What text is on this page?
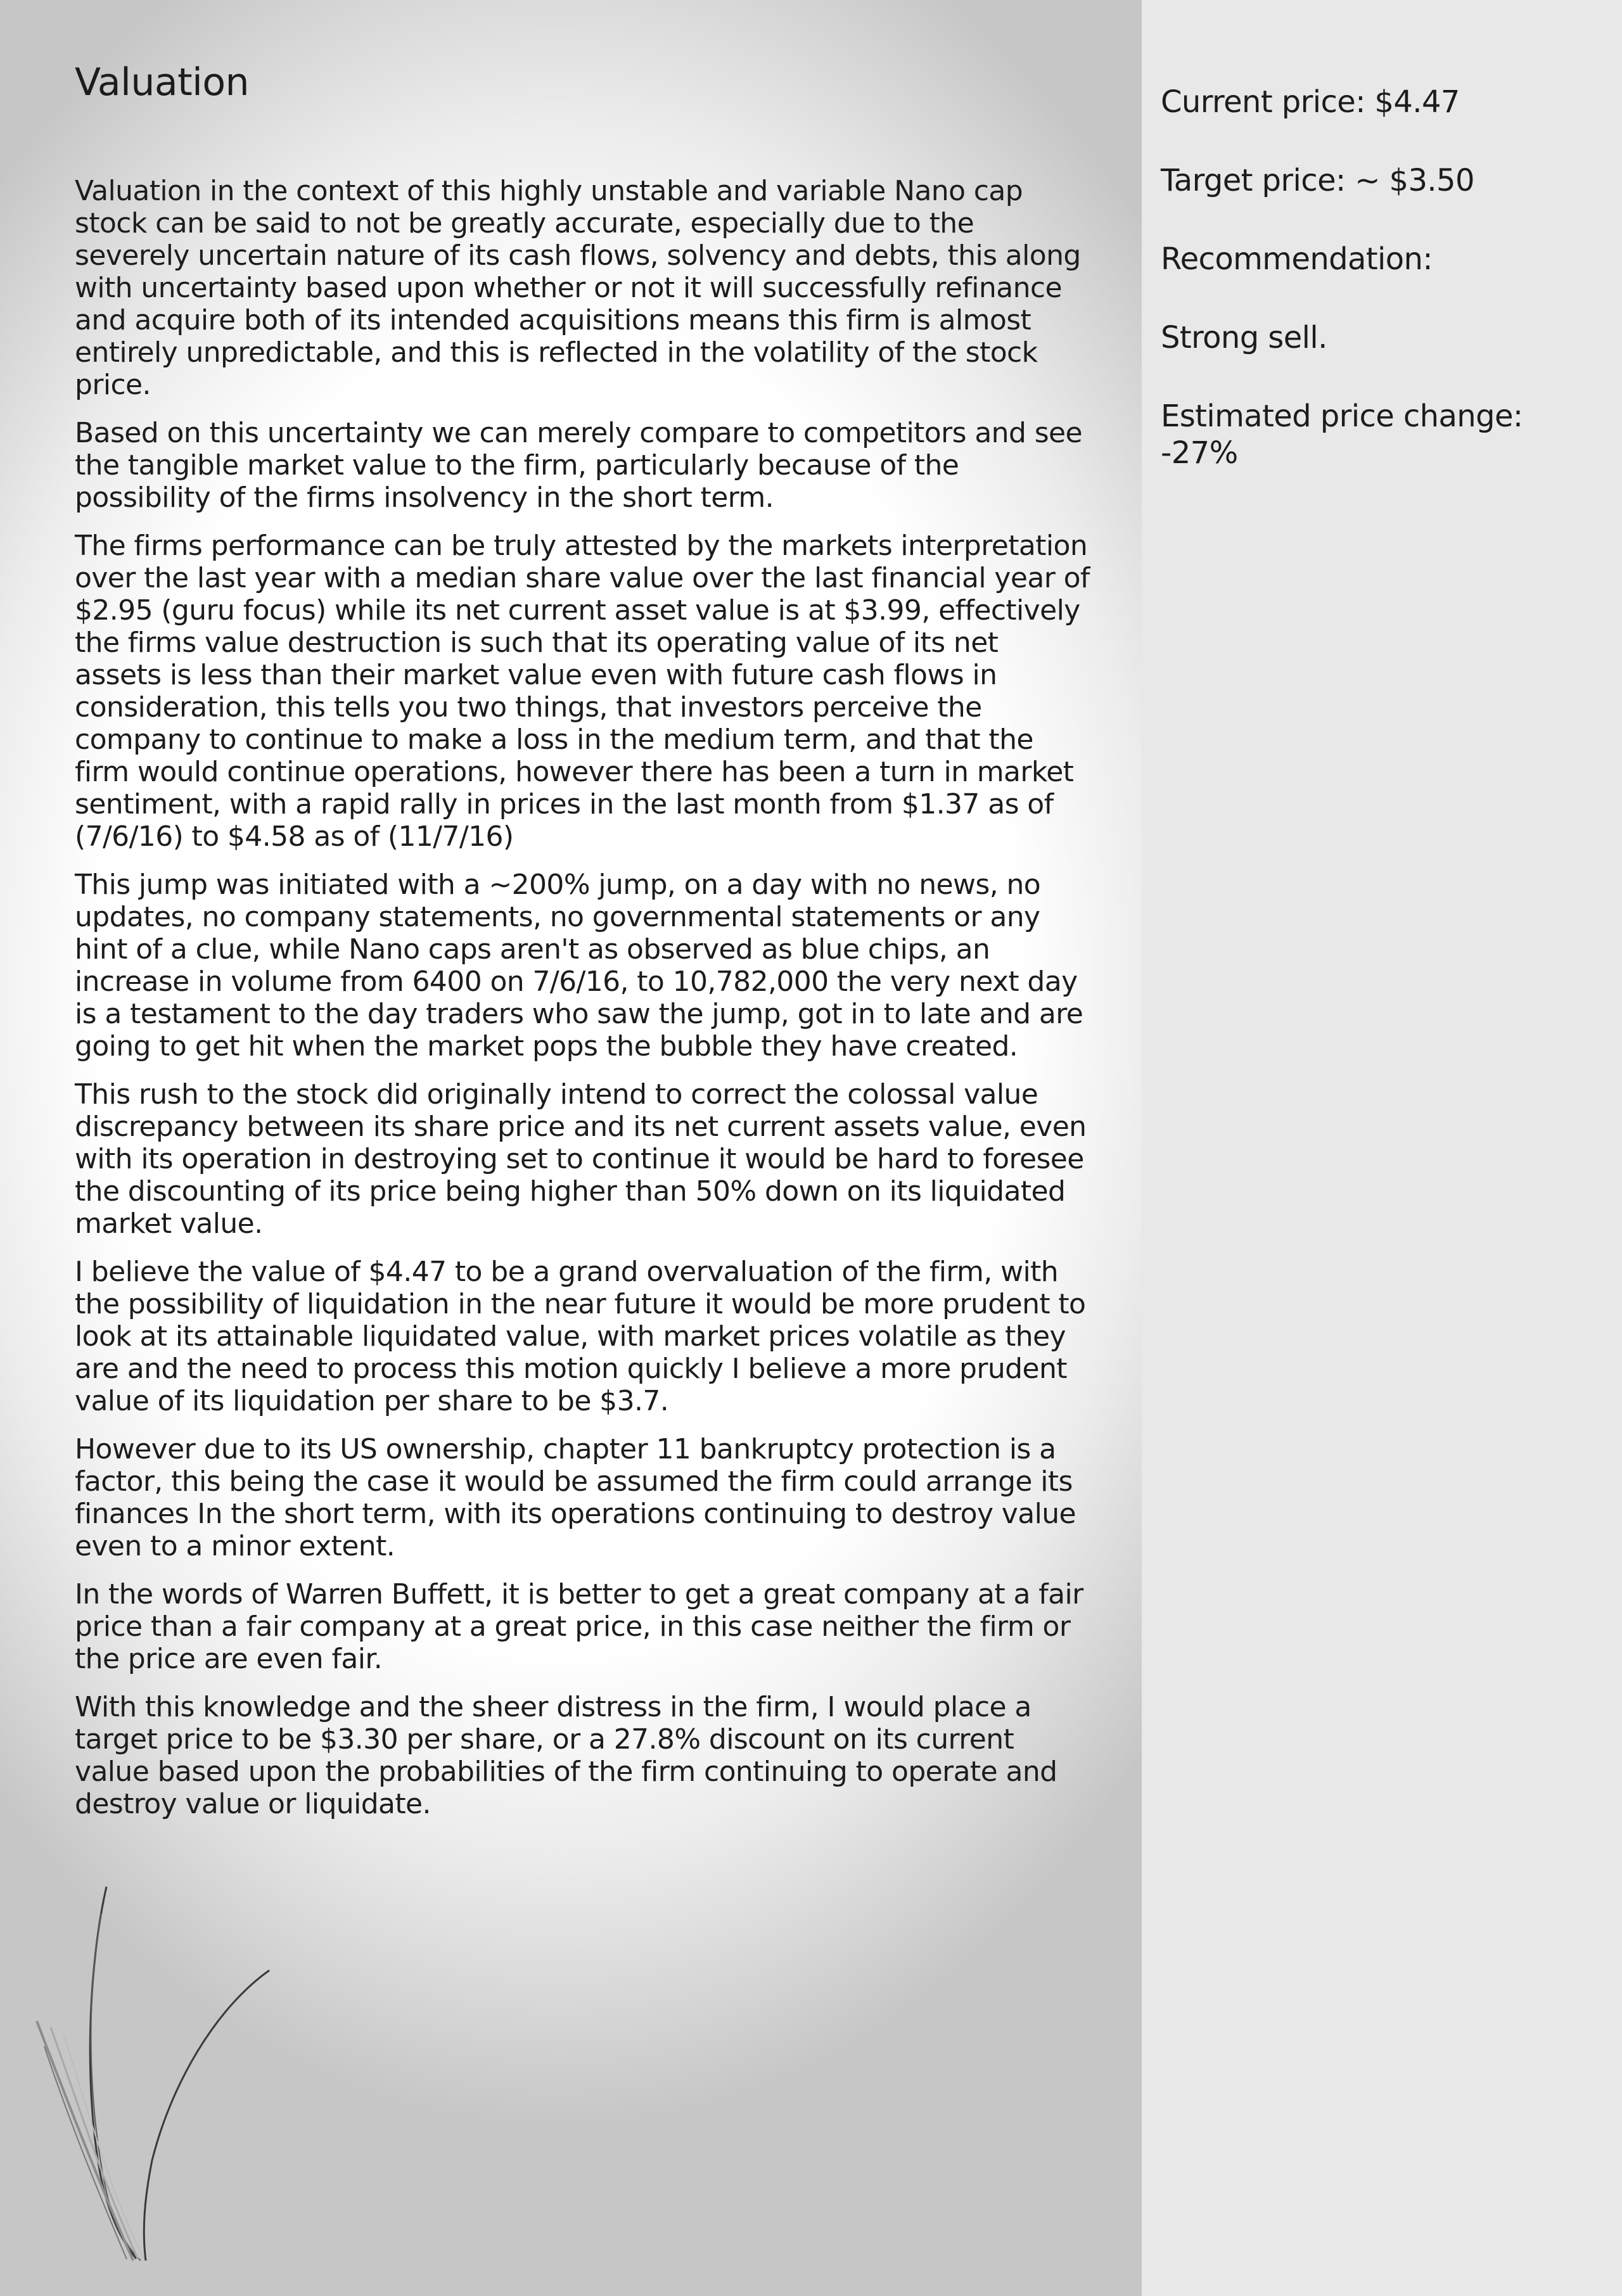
Valuation

Valuation in the context of this highly unstable and variable Nano cap stock can be said to not be greatly accurate, especially due to the severely uncertain nature of its cash flows, solvency and debts, this along with uncertainty based upon whether or not it will successfully refinance and acquire both of its intended acquisitions means this firm is almost entirely unpredictable, and this is reflected in the volatility of the stock price.

Based on this uncertainty we can merely compare to competitors and see the tangible market value to the firm, particularly because of the possibility of the firms insolvency in the short term.

The firms performance can be truly attested by the markets interpretation over the last year with a median share value over the last financial year of $2.95 (guru focus) while its net current asset value is at $3.99, effectively the firms value destruction is such that its operating value of its net assets is less than their market value even with future cash flows in consideration, this tells you two things, that investors perceive the company to continue to make a loss in the medium term, and that the firm would continue operations, however there has been a turn in market sentiment, with a rapid rally in prices in the last month from $1.37 as of (7/6/16) to $4.58 as of (11/7/16)

This jump was initiated with a ~200% jump, on a day with no news, no updates, no company statements, no governmental statements or any hint of a clue, while Nano caps aren't as observed as blue chips, an increase in volume from 6400 on 7/6/16, to 10,782,000 the very next day is a testament to the day traders who saw the jump, got in to late and are going to get hit when the market pops the bubble they have created.

This rush to the stock did originally intend to correct the colossal value discrepancy between its share price and its net current assets value, even with its operation in destroying set to continue it would be hard to foresee the discounting of its price being higher than 50% down on its liquidated market value.

I believe the value of $4.47 to be a grand overvaluation of the firm, with the possibility of liquidation in the near future it would be more prudent to look at its attainable liquidated value, with market prices volatile as they are and the need to process this motion quickly I believe a more prudent value of its liquidation per share to be $3.7.

However due to its US ownership, chapter 11 bankruptcy protection is a factor, this being the case it would be assumed the firm could arrange its finances In the short term, with its operations continuing to destroy value even to a minor extent.

In the words of Warren Buffett, it is better to get a great company at a fair price than a fair company at a great price, in this case neither the firm or the price are even fair.

With this knowledge and the sheer distress in the firm, I would place a target price to be $3.30 per share, or a 27.8% discount on its current value based upon the probabilities of the firm continuing to operate and destroy value or liquidate.

Current price: $4.47

Target price: ~ $3.50

Recommendation:

Strong sell.

Estimated price change:

-27%
